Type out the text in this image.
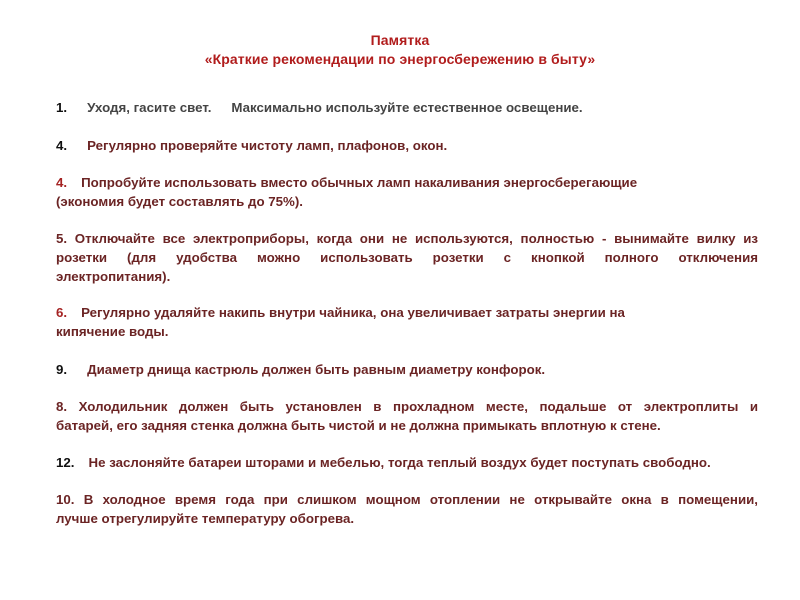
Памятка
«Краткие рекомендации по энергосбережению в быту»
1. Уходя, гасите свет. Максимально используйте естественное освещение.
4. Регулярно проверяйте чистоту ламп, плафонов, окон.
4. Попробуйте использовать вместо обычных ламп накаливания энергосберегающие
(экономия будет составлять до 75%).
5. Отключайте все электроприборы, когда они не используются, полностью - вынимайте вилку из
розетки (для удобства можно использовать розетки с кнопкой полного отключения
электропитания).
6. Регулярно удаляйте накипь внутри чайника, она увеличивает затраты энергии на
кипячение воды.
9. Диаметр днища кастрюль должен быть равным диаметру конфорок.
8. Холодильник должен быть установлен в прохладном месте, подальше от электроплиты и
батарей, его задняя стенка должна быть чистой и не должна примыкать вплотную к стене.
12. Не заслоняйте батареи шторами и мебелью, тогда теплый воздух будет поступать свободно.
10. В холодное время года при слишком мощном отоплении не открывайте окна в помещении,
лучше отрегулируйте температуру обогрева.
